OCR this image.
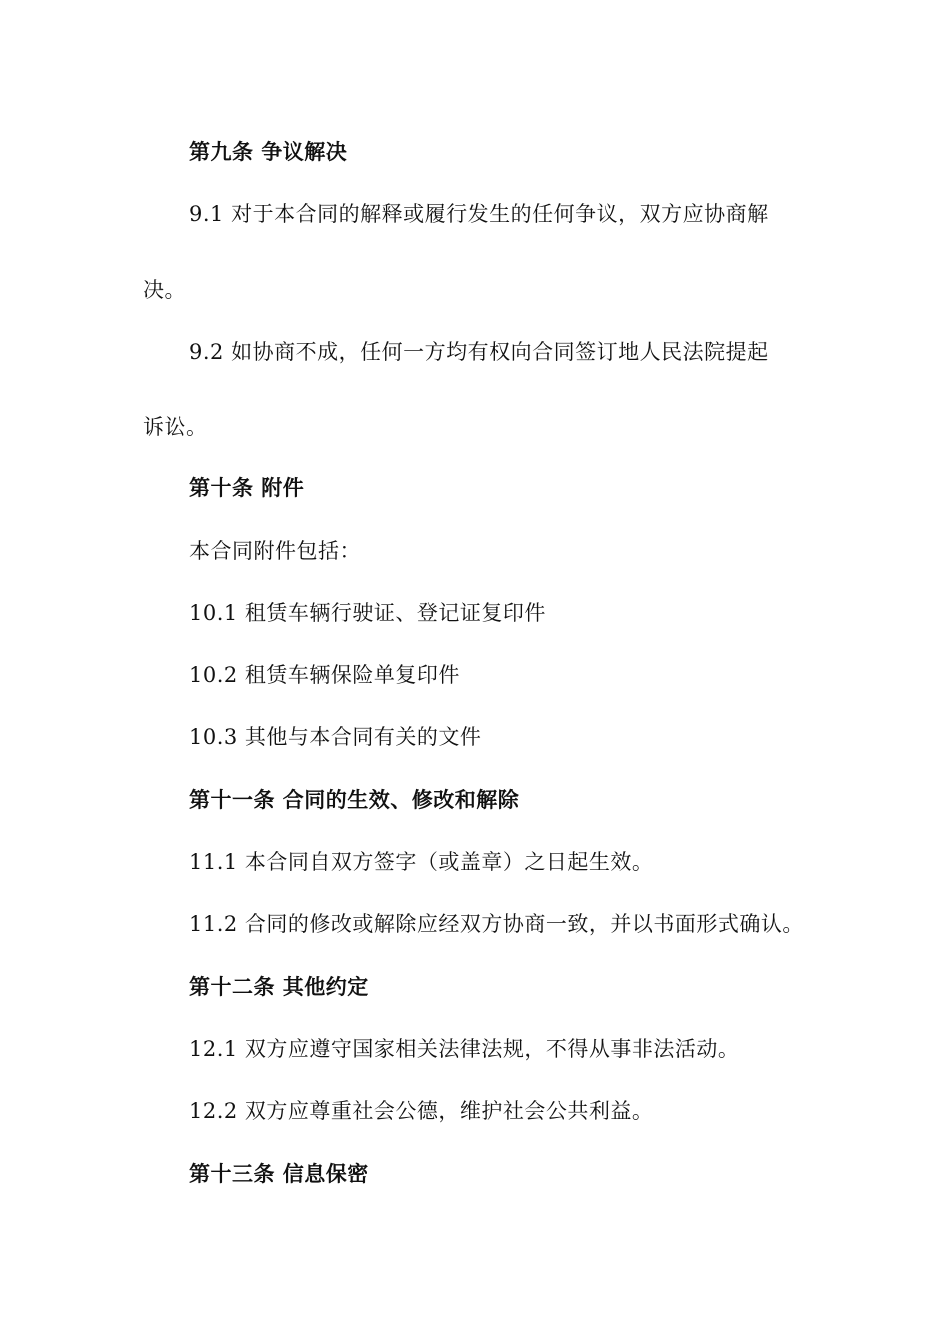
第九条 争议解决
9.1 对于本合同的解释或履行发生的任何争议，双方应协商解
决。
9.2 如协商不成，任何一方均有权向合同签订地人民法院提起
诉讼。
第十条 附件
本合同附件包括：
10.1 租赁车辆行驶证、登记证复印件
10.2 租赁车辆保险单复印件
10.3 其他与本合同有关的文件
第十一条 合同的生效、修改和解除
11.1 本合同自双方签字（或盖章）之日起生效。
11.2 合同的修改或解除应经双方协商一致，并以书面形式确认。
第十二条 其他约定
12.1 双方应遵守国家相关法律法规，不得从事非法活动。
12.2 双方应尊重社会公德，维护社会公共利益。
第十三条 信息保密
